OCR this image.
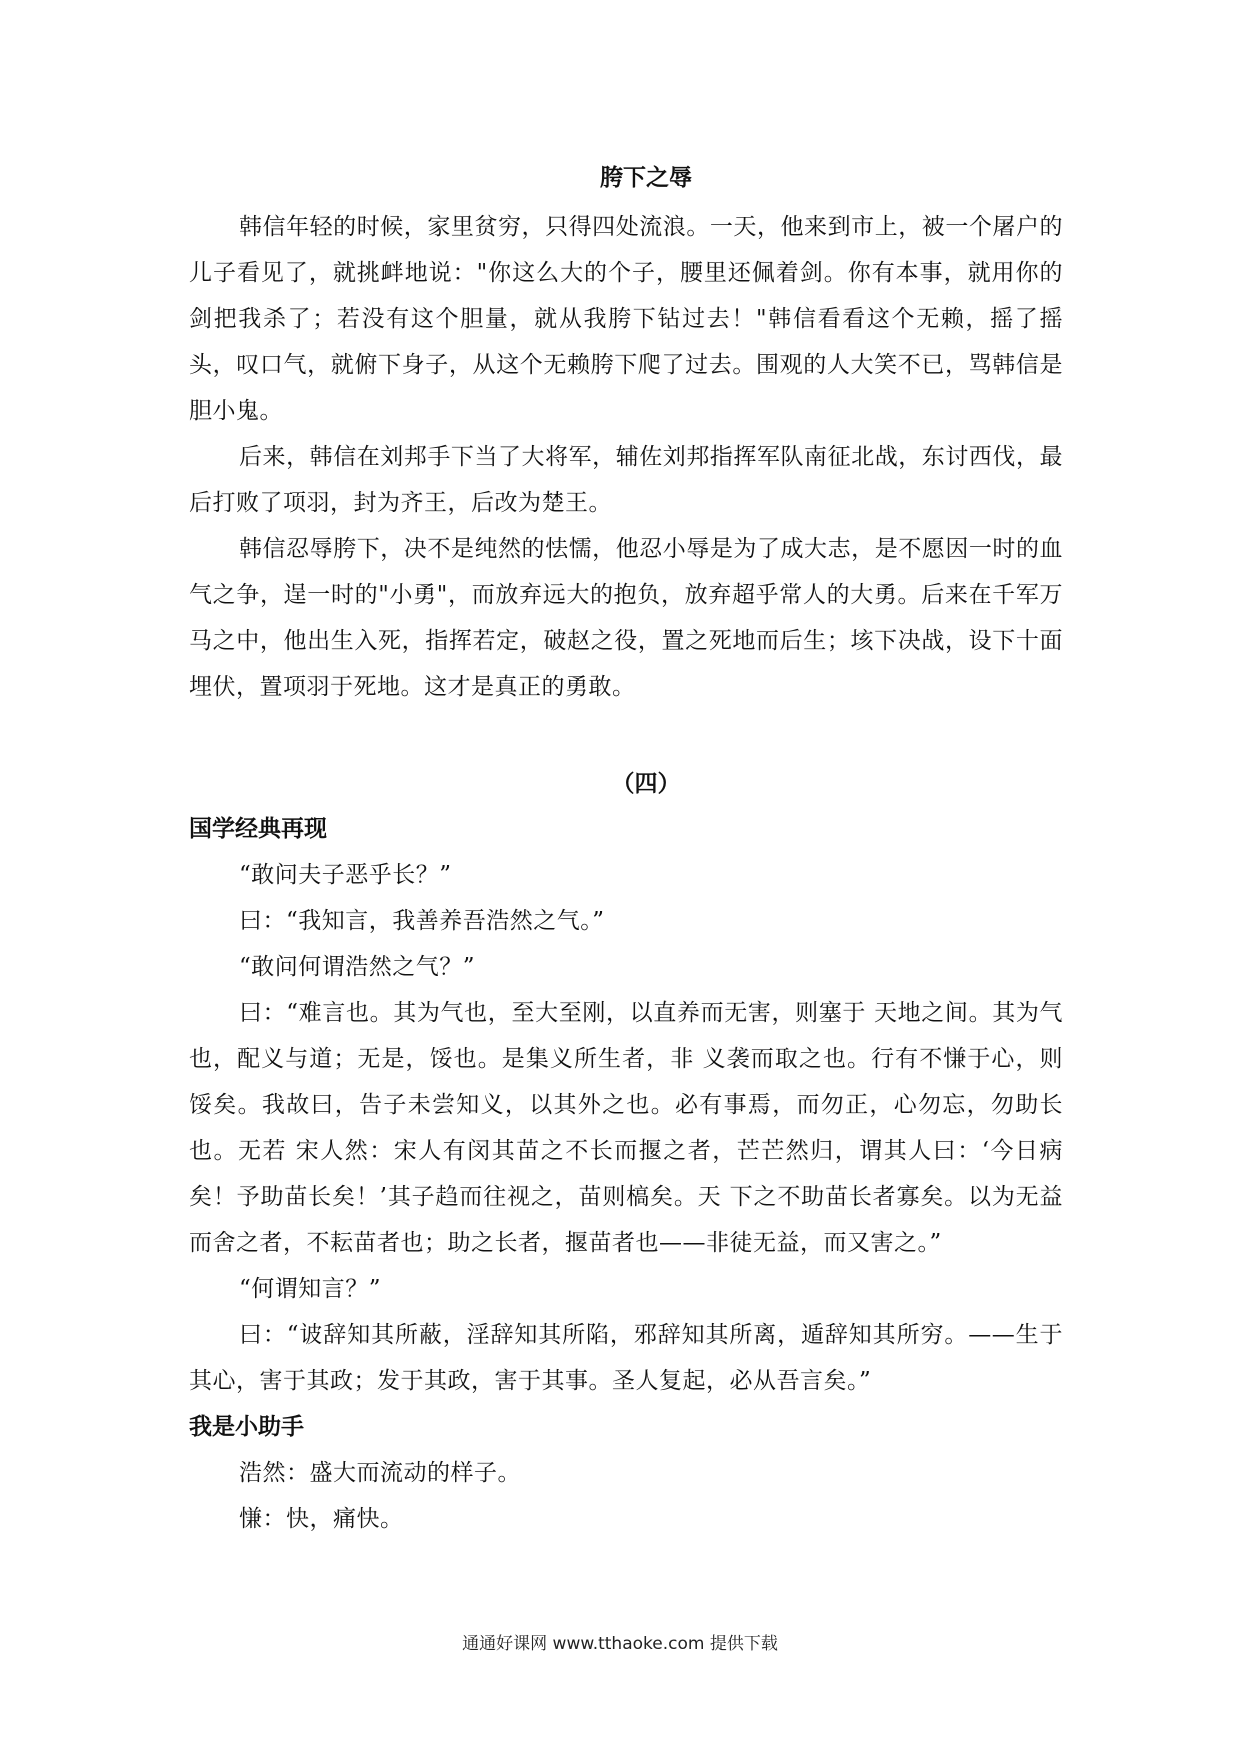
胯下之辱

韩信年轻的时候，家里贫穷，只得四处流浪。一天，他来到市上，被一个屠户的儿子看见了，就挑衅地说："你这么大的个子，腰里还佩着剑。你有本事，就用你的剑把我杀了；若没有这个胆量，就从我胯下钻过去！"韩信看看这个无赖，摇了摇头，叹口气，就俯下身子，从这个无赖胯下爬了过去。围观的人大笑不已，骂韩信是胆小鬼。

后来，韩信在刘邦手下当了大将军，辅佐刘邦指挥军队南征北战，东讨西伐，最后打败了项羽，封为齐王，后改为楚王。

韩信忍辱胯下，决不是纯然的怯懦，他忍小辱是为了成大志，是不愿因一时的血气之争，逞一时的"小勇"，而放弃远大的抱负，放弃超乎常人的大勇。后来在千军万马之中，他出生入死，指挥若定，破赵之役，置之死地而后生；垓下决战，设下十面埋伏，置项羽于死地。这才是真正的勇敢。

（四）
国学经典再现

“敢问夫子恶乎长？”

曰：“我知言，我善养吾浩然之气。”

“敢问何谓浩然之气？”

曰：“难言也。其为气也，至大至刚，以直养而无害，则塞于 天地之间。其为气也，配义与道；无是，馁也。是集义所生者，非 义袭而取之也。行有不慊于心，则馁矣。我故曰，告子未尝知义，以其外之也。必有事焉，而勿正，心勿忘，勿助长也。无若 宋人然：宋人有闵其苗之不长而揠之者，芒芒然归，谓其人曰：‘今日病矣！予助苗长矣！’其子趋而往视之，苗则槁矣。天 下之不助苗长者寡矣。以为无益而舍之者，不耘苗者也；助之长者，揠苗者也——非徒无益，而又害之。”

“何谓知言？”

曰：“诐辞知其所蔽，淫辞知其所陷，邪辞知其所离，遁辞知其所穷。——生于其心，害于其政；发于其政，害于其事。圣人复起，必从吾言矣。”

我是小助手

浩然：盛大而流动的样子。

慊：快，痛快。

通通好课网 www.tthaoke.com 提供下载
